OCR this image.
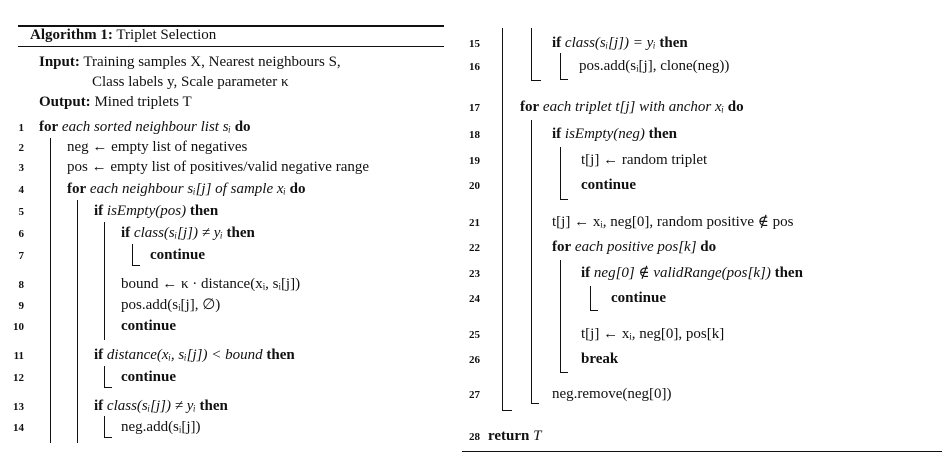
Algorithm 1: Triplet Selection
Input: Training samples X, Nearest neighbours S,
Class labels y, Scale parameter κ
Output: Mined triplets T
1 for each sorted neighbour list sᵢ do
2	neg ← empty list of negatives
3	pos ← empty list of positives/valid negative range
4	for each neighbour sᵢ[j] of sample xᵢ do
5	if isEmpty(pos) then
6	if class(sᵢ[j]) ≠ yᵢ then
7	continue
8	bound ← κ · distance(xᵢ, sᵢ[j])
9	pos.add(sᵢ[j], ∅)
10	continue
11	if distance(xᵢ, sᵢ[j]) < bound then
12	continue
13	if class(sᵢ[j]) ≠ yᵢ then
14	neg.add(sᵢ[j])
15	if class(sᵢ[j]) = yᵢ then
16	pos.add(sᵢ[j], clone(neg))
17	for each triplet t[j] with anchor xᵢ do
18	if isEmpty(neg) then
19	t[j] ← random triplet
20	continue
21	t[j] ← xᵢ, neg[0], random positive ∉ pos
22	for each positive pos[k] do
23	if neg[0] ∉ validRange(pos[k]) then
24	continue
25	t[j] ← xᵢ, neg[0], pos[k]
26	break
27	neg.remove(neg[0])
28 return T
